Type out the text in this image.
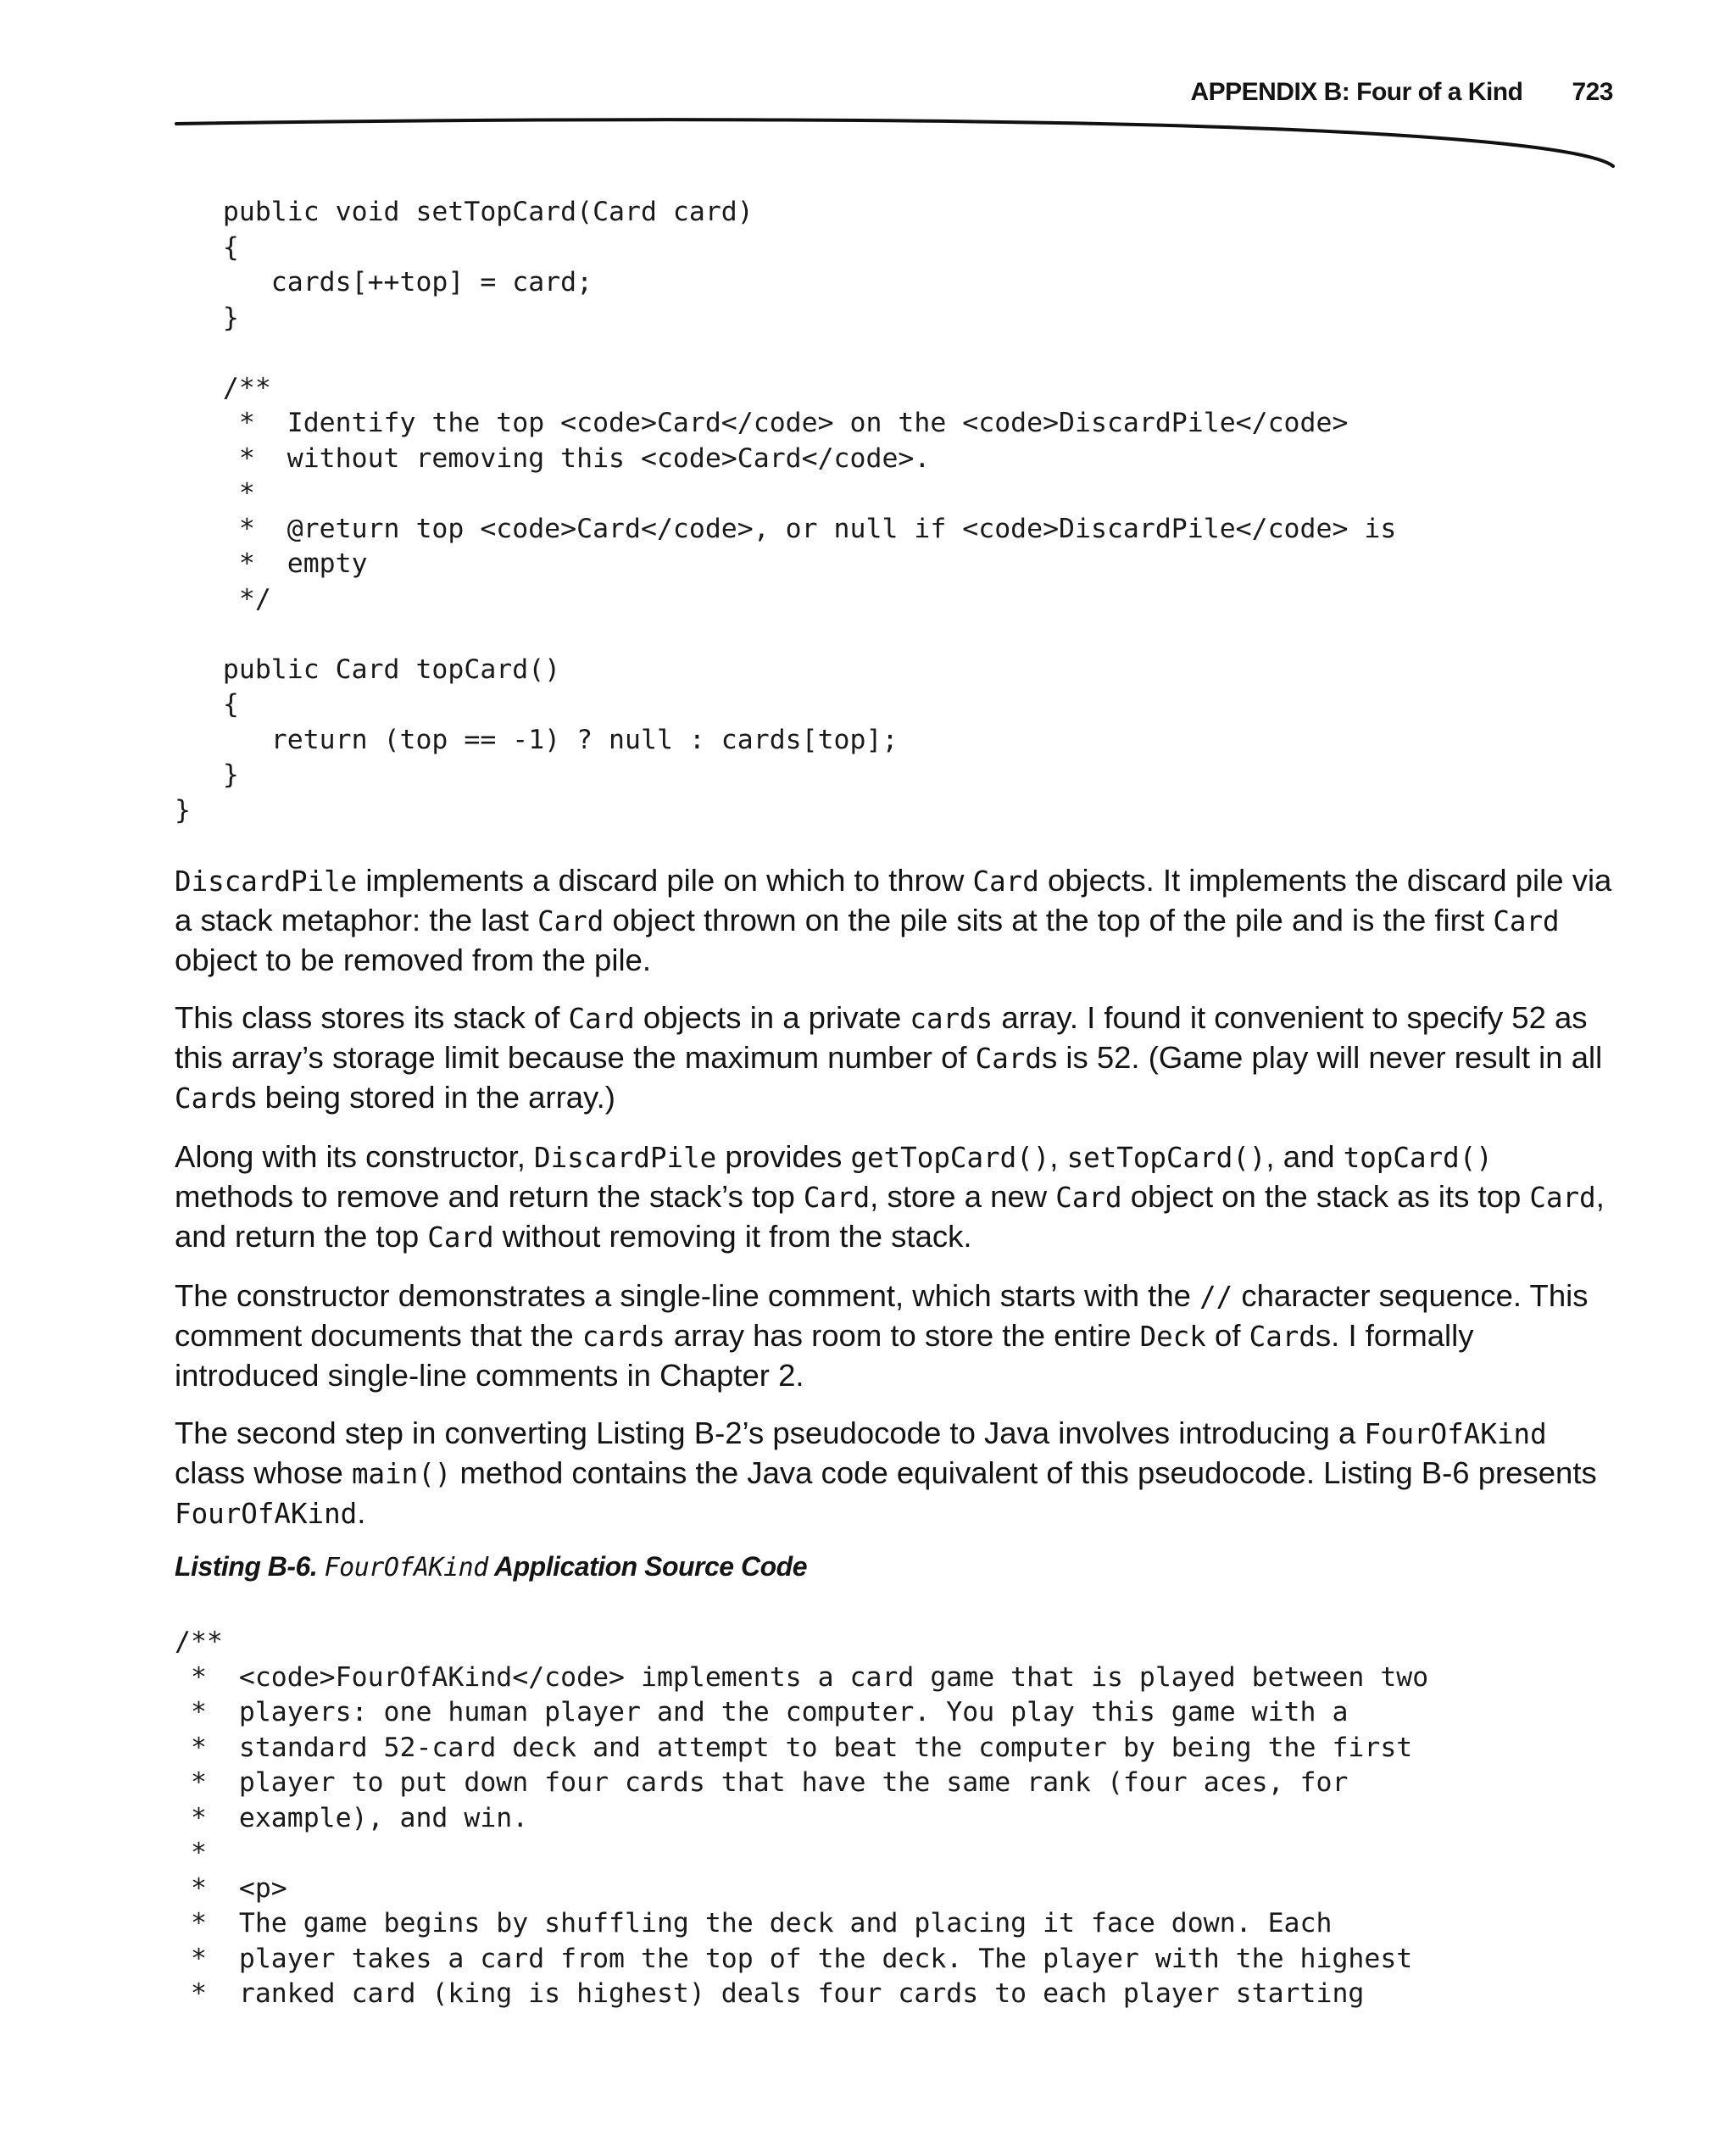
APPENDIX B: Four of a Kind 723
public void setTopCard(Card card)
{
cards[++top] = card;
}

/**
*  Identify the top <code>Card</code> on the <code>DiscardPile</code>
*  without removing this <code>Card</code>.
*
*  @return top <code>Card</code>, or null if <code>DiscardPile</code> is
*  empty
*/

public Card topCard()
{
return (top == -1) ? null : cards[top];
}
}

DiscardPile implements a discard pile on which to throw Card objects. It implements the discard pile via a stack metaphor: the last Card object thrown on the pile sits at the top of the pile and is the first Card object to be removed from the pile.

This class stores its stack of Card objects in a private cards array. I found it convenient to specify 52 as this array’s storage limit because the maximum number of Cards is 52. (Game play will never result in all Cards being stored in the array.)

Along with its constructor, DiscardPile provides getTopCard(), setTopCard(), and topCard() methods to remove and return the stack’s top Card, store a new Card object on the stack as its top Card, and return the top Card without removing it from the stack.

The constructor demonstrates a single-line comment, which starts with the // character sequence. This comment documents that the cards array has room to store the entire Deck of Cards. I formally introduced single-line comments in Chapter 2.

The second step in converting Listing B-2’s pseudocode to Java involves introducing a FourOfAKind class whose main() method contains the Java code equivalent of this pseudocode. Listing B-6 presents FourOfAKind.

Listing B-6. FourOfAKind Application Source Code
/**
*  <code>FourOfAKind</code> implements a card game that is played between two
*  players: one human player and the computer. You play this game with a
*  standard 52-card deck and attempt to beat the computer by being the first
*  player to put down four cards that have the same rank (four aces, for
*  example), and win.
*
*  <p>
*  The game begins by shuffling the deck and placing it face down. Each
*  player takes a card from the top of the deck. The player with the highest
*  ranked card (king is highest) deals four cards to each player starting
